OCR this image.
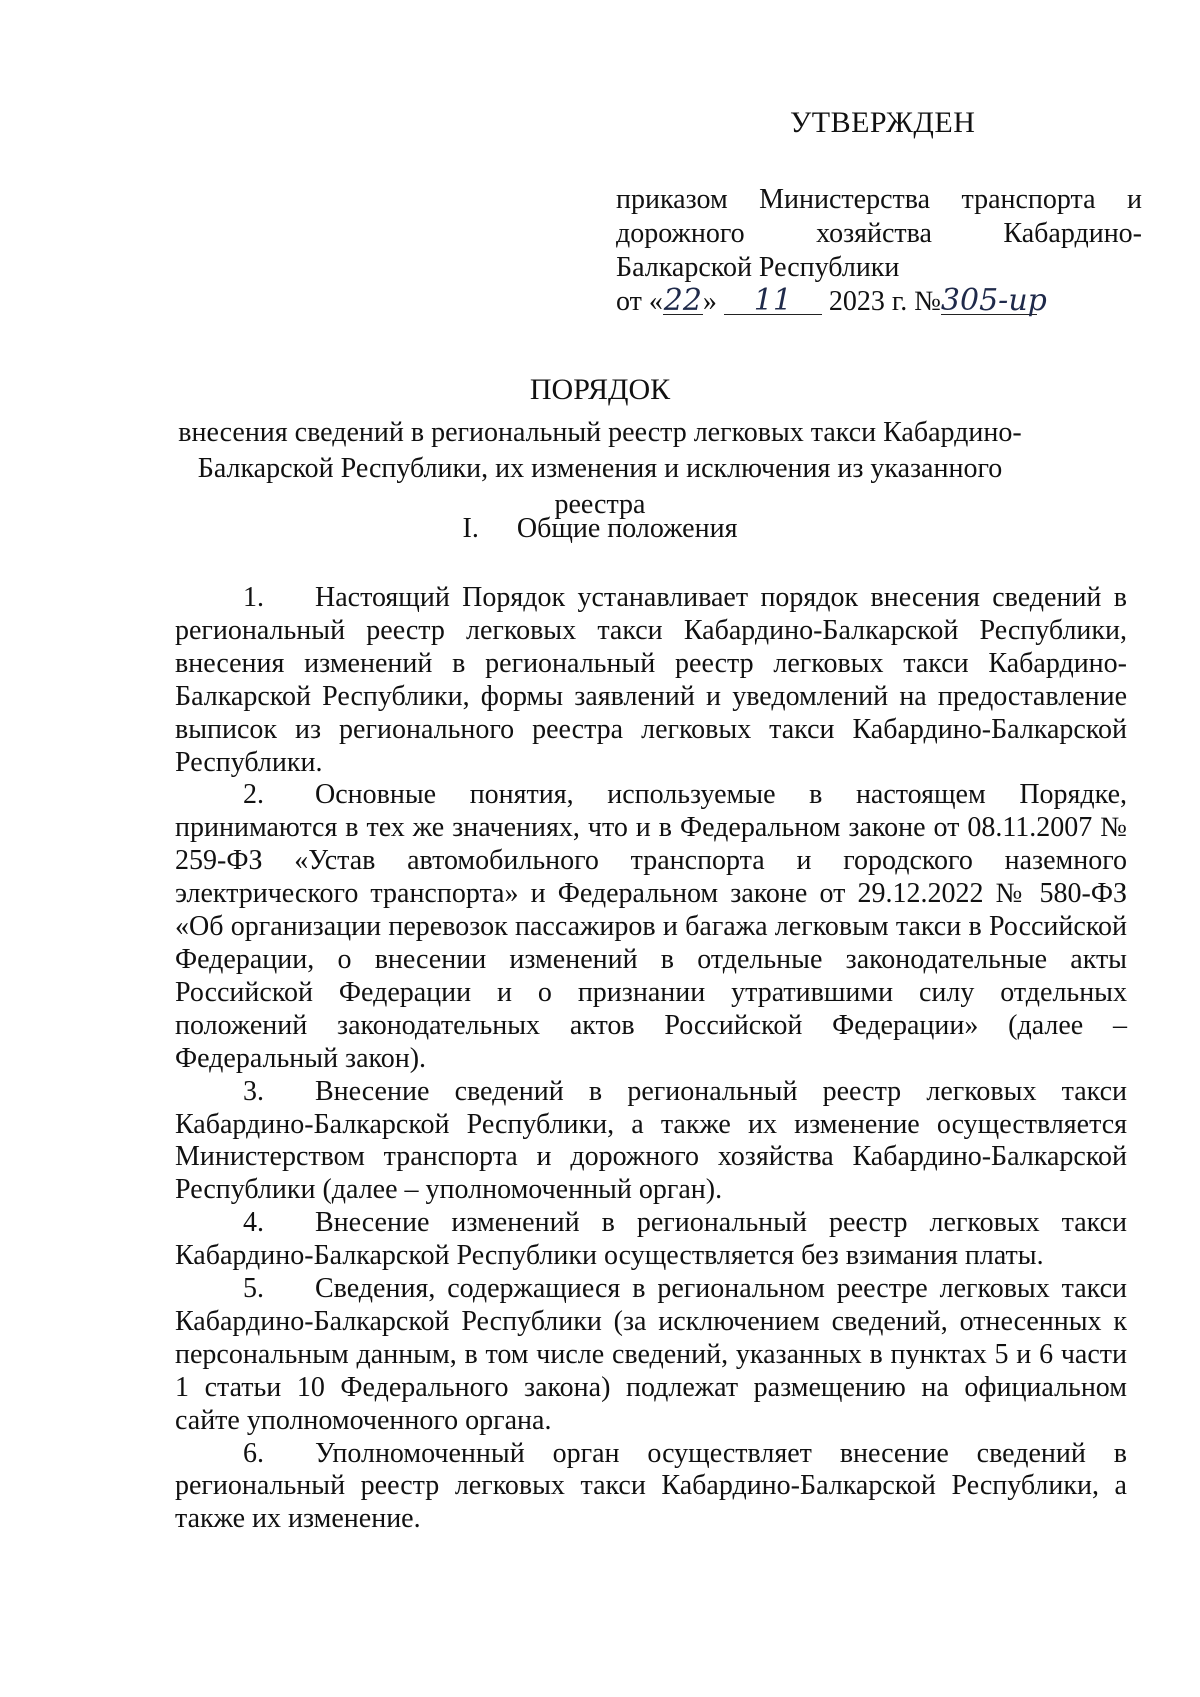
УТВЕРЖДЕН
приказом Министерства транспорта и
дорожного хозяйства Кабардино-
Балкарской Республики
от «22» 11 2023 г. №305-ир
ПОРЯДОК
внесения сведений в региональный реестр легковых такси Кабардино-
Балкарской Республики, их изменения и исключения из указанного реестра
I. Общие положения

1. Настоящий Порядок устанавливает порядок внесения сведений в региональный реестр легковых такси Кабардино-Балкарской Республики, внесения изменений в региональный реестр легковых такси Кабардино-Балкарской Республики, формы заявлений и уведомлений на предоставление выписок из регионального реестра легковых такси Кабардино-Балкарской Республики.

2. Основные понятия, используемые в настоящем Порядке, принимаются в тех же значениях, что и в Федеральном законе от 08.11.2007 № 259-ФЗ «Устав автомобильного транспорта и городского наземного электрического транспорта» и Федеральном законе от 29.12.2022 № 580-ФЗ «Об организации перевозок пассажиров и багажа легковым такси в Российской Федерации, о внесении изменений в отдельные законодательные акты Российской Федерации и о признании утратившими силу отдельных положений законодательных актов Российской Федерации» (далее – Федеральный закон).

3. Внесение сведений в региональный реестр легковых такси Кабардино-Балкарской Республики, а также их изменение осуществляется Министерством транспорта и дорожного хозяйства Кабардино-Балкарской Республики (далее – уполномоченный орган).

4. Внесение изменений в региональный реестр легковых такси Кабардино-Балкарской Республики осуществляется без взимания платы.

5. Сведения, содержащиеся в региональном реестре легковых такси Кабардино-Балкарской Республики (за исключением сведений, отнесенных к персональным данным, в том числе сведений, указанных в пунктах 5 и 6 части 1 статьи 10 Федерального закона) подлежат размещению на официальном сайте уполномоченного органа.

6. Уполномоченный орган осуществляет внесение сведений в региональный реестр легковых такси Кабардино-Балкарской Республики, а также их изменение.
